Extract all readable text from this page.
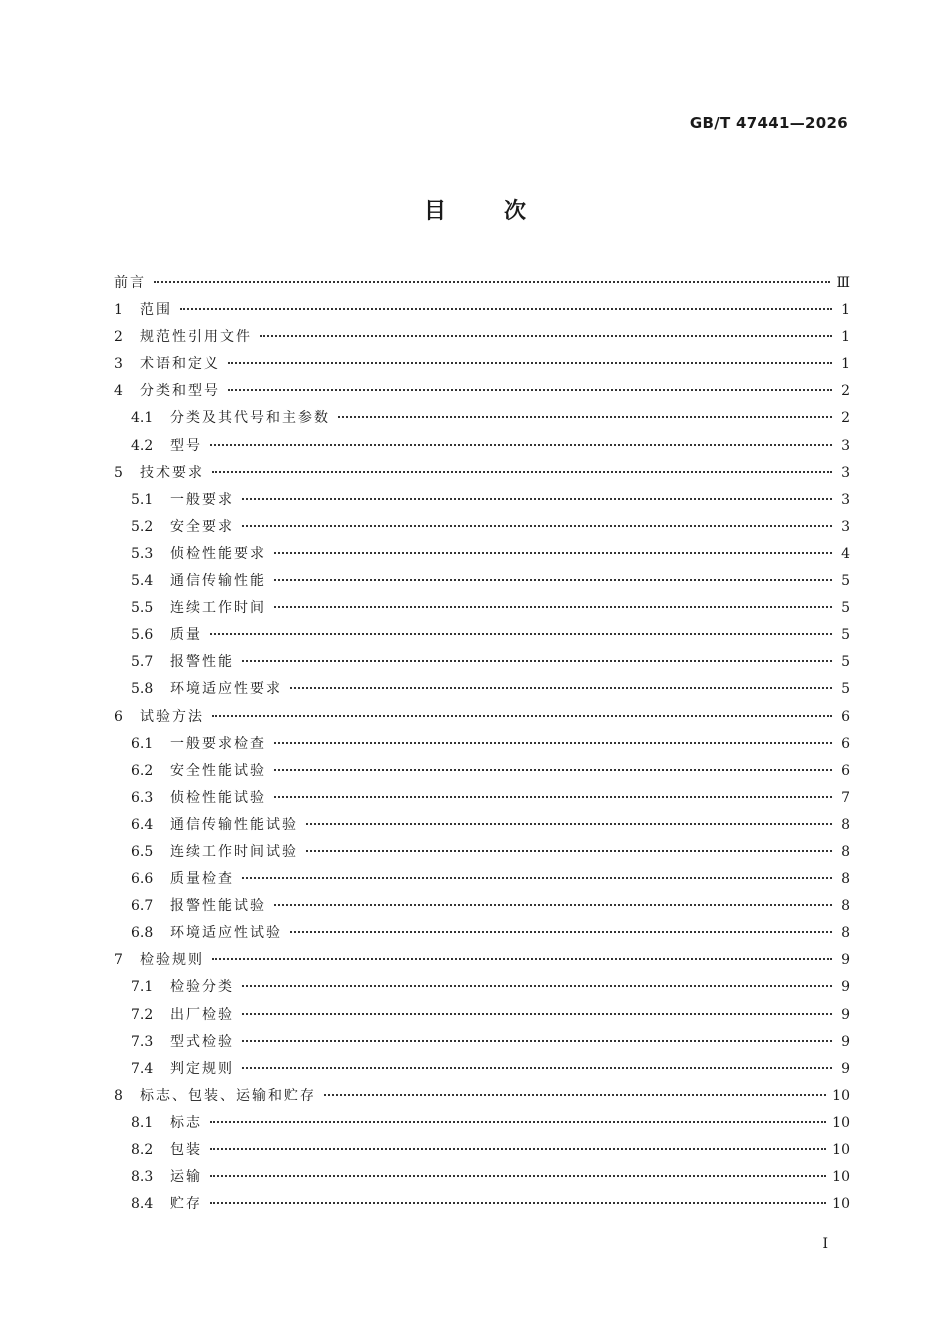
GB/T 47441—2026

目次
前言	Ⅲ
1	范围	1
2	规范性引用文件	1
3	术语和定义	1
4	分类和型号	2
4.1	分类及其代号和主参数	2
4.2	型号	3
5	技术要求	3
5.1	一般要求	3
5.2	安全要求	3
5.3	侦检性能要求	4
5.4	通信传输性能	5
5.5	连续工作时间	5
5.6	质量	5
5.7	报警性能	5
5.8	环境适应性要求	5
6	试验方法	6
6.1	一般要求检查	6
6.2	安全性能试验	6
6.3	侦检性能试验	7
6.4	通信传输性能试验	8
6.5	连续工作时间试验	8
6.6	质量检查	8
6.7	报警性能试验	8
6.8	环境适应性试验	8
7	检验规则	9
7.1	检验分类	9
7.2	出厂检验	9
7.3	型式检验	9
7.4	判定规则	9
8	标志、包装、运输和贮存	10
8.1	标志	10
8.2	包装	10
8.3	运输	10
8.4	贮存	10

Ⅰ
